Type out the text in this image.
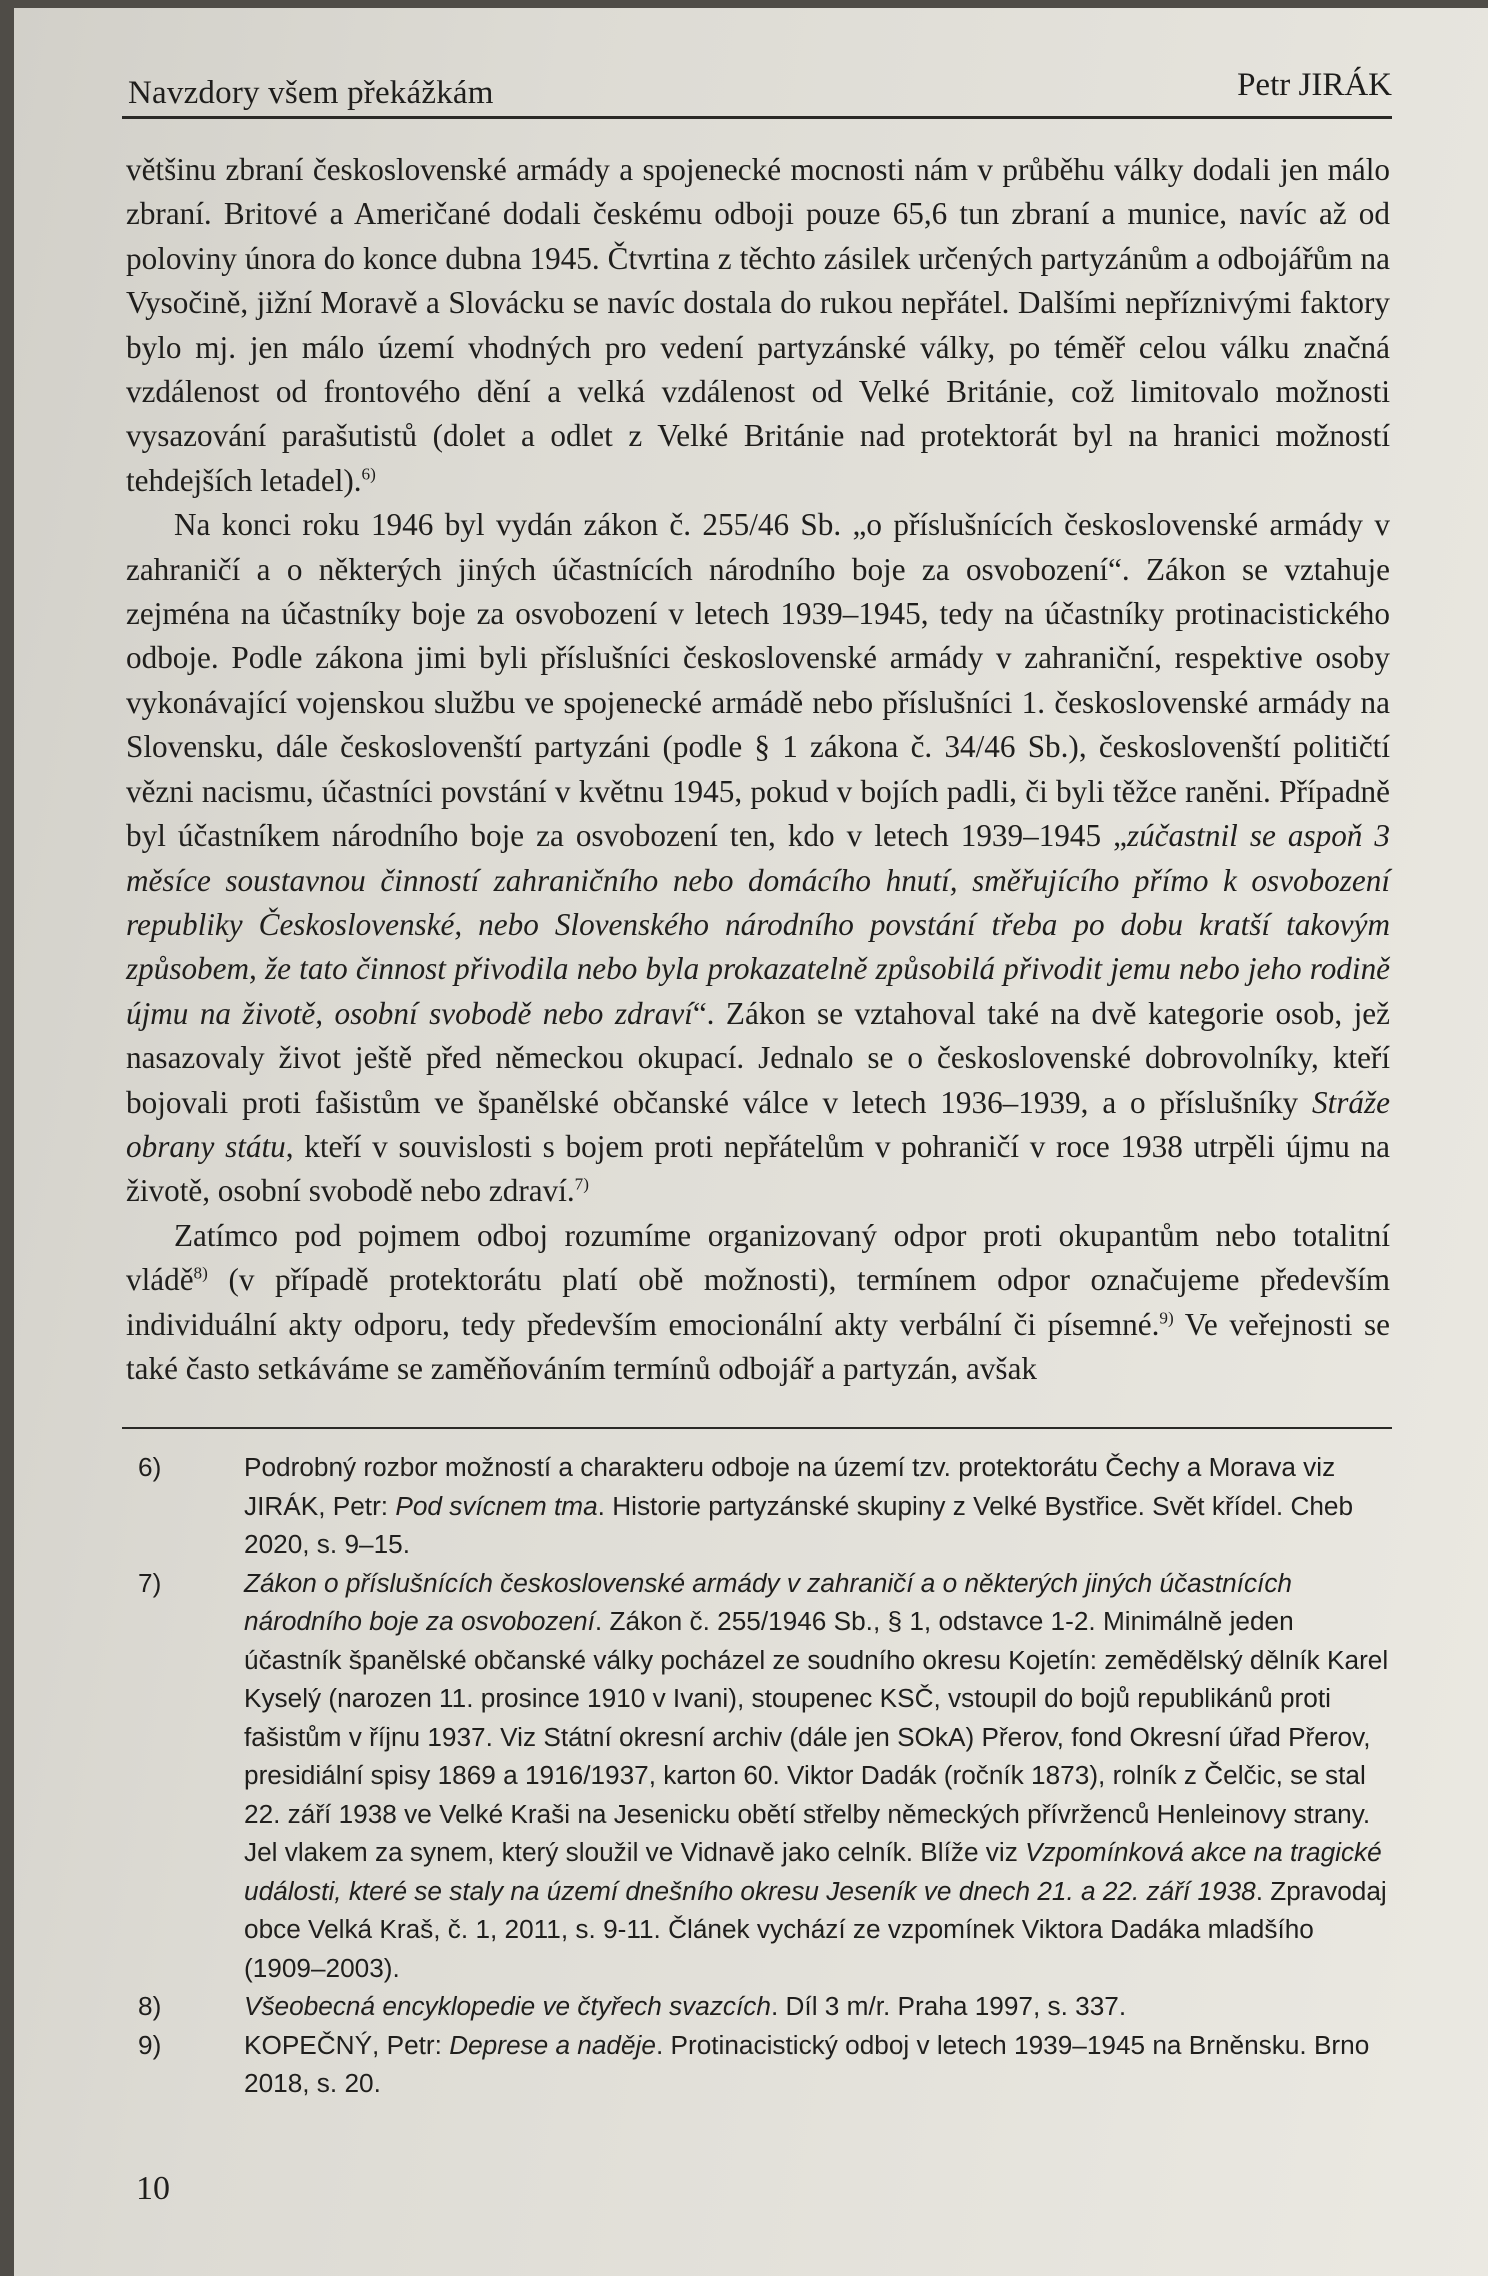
Navzdory všem překážkám	Petr JIRÁK

většinu zbraní československé armády a spojenecké mocnosti nám v průběhu války dodali jen málo zbraní. Britové a Američané dodali českému odboji pouze 65,6 tun zbraní a munice, navíc až od poloviny února do konce dubna 1945. Čtvrtina z těchto zásilek určených partyzánům a odbojářům na Vysočině, jižní Moravě a Slovácku se navíc dostala do rukou nepřátel. Dalšími nepříznivými faktory bylo mj. jen málo území vhodných pro vedení partyzánské války, po téměř celou válku značná vzdálenost od frontového dění a velká vzdálenost od Velké Británie, což limitovalo možnosti vysazování parašutistů (dolet a odlet z Velké Británie nad protektorát byl na hranici možností tehdejších letadel).$^{6)}$

Na konci roku 1946 byl vydán zákon č. 255/46 Sb. „o příslušnících československé armády v zahraničí a o některých jiných účastnících národního boje za osvobození“. Zákon se vztahuje zejména na účastníky boje za osvobození v letech 1939–1945, tedy na účastníky protinacistického odboje. Podle zákona jimi byli příslušníci československé armády v zahraniční, respektive osoby vykonávající vojenskou službu ve spojenecké armádě nebo příslušníci 1. československé armády na Slovensku, dále českoslovenští partyzáni (podle § 1 zákona č. 34/46 Sb.), českoslovenští političtí vězni nacismu, účastníci povstání v květnu 1945, pokud v bojích padli, či byli těžce raněni. Případně byl účastníkem národního boje za osvobození ten, kdo v letech 1939–1945 „zúčastnil se aspoň 3 měsíce soustavnou činností zahraničního nebo domácího hnutí, směřujícího přímo k osvobození republiky Československé, nebo Slovenského národního povstání třeba po dobu kratší takovým způsobem, že tato činnost přivodila nebo byla prokazatelně způsobilá přivodit jemu nebo jeho rodině újmu na životě, osobní svobodě nebo zdraví“. Zákon se vztahoval také na dvě kategorie osob, jež nasazovaly život ještě před německou okupací. Jednalo se o československé dobrovolníky, kteří bojovali proti fašistům ve španělské občanské válce v letech 1936–1939, a o příslušníky Stráže obrany státu, kteří v souvislosti s bojem proti nepřátelům v pohraničí v roce 1938 utrpěli újmu na životě, osobní svobodě nebo zdraví.$^{7)}$

Zatímco pod pojmem odboj rozumíme organizovaný odpor proti okupantům nebo totalitní vládě$^{8)}$ (v případě protektorátu platí obě možnosti), termínem odpor označujeme především individuální akty odporu, tedy především emocionální akty verbální či písemné.$^{9)}$ Ve veřejnosti se také často setkáváme se zaměňováním termínů odbojář a partyzán, avšak

6)	Podrobný rozbor možností a charakteru odboje na území tzv. protektorátu Čechy a Morava viz JIRÁK, Petr: Pod svícnem tma. Historie partyzánské skupiny z Velké Bystřice. Svět křídel. Cheb 2020, s. 9–15.
7)	Zákon o příslušnících československé armády v zahraničí a o některých jiných účastnících národního boje za osvobození. Zákon č. 255/1946 Sb., § 1, odstavce 1-2. Minimálně jeden účastník španělské občanské války pocházel ze soudního okresu Kojetín: zemědělský dělník Karel Kyselý (narozen 11. prosince 1910 v Ivani), stoupenec KSČ, vstoupil do bojů republikánů proti fašistům v říjnu 1937. Viz Státní okresní archiv (dále jen SOkA) Přerov, fond Okresní úřad Přerov, presidiální spisy 1869 a 1916/1937, karton 60. Viktor Dadák (ročník 1873), rolník z Čelčic, se stal 22. září 1938 ve Velké Kraši na Jesenicku obětí střelby německých přívrženců Henleinovy strany. Jel vlakem za synem, který sloužil ve Vidnavě jako celník. Blíže viz Vzpomínková akce na tragické události, které se staly na území dnešního okresu Jeseník ve dnech 21. a 22. září 1938. Zpravodaj obce Velká Kraš, č. 1, 2011, s. 9-11. Článek vychází ze vzpomínek Viktora Dadáka mladšího (1909–2003).
8)	Všeobecná encyklopedie ve čtyřech svazcích. Díl 3 m/r. Praha 1997, s. 337.
9)	KOPEČNÝ, Petr: Deprese a naděje. Protinacistický odboj v letech 1939–1945 na Brněnsku. Brno 2018, s. 20.
10
